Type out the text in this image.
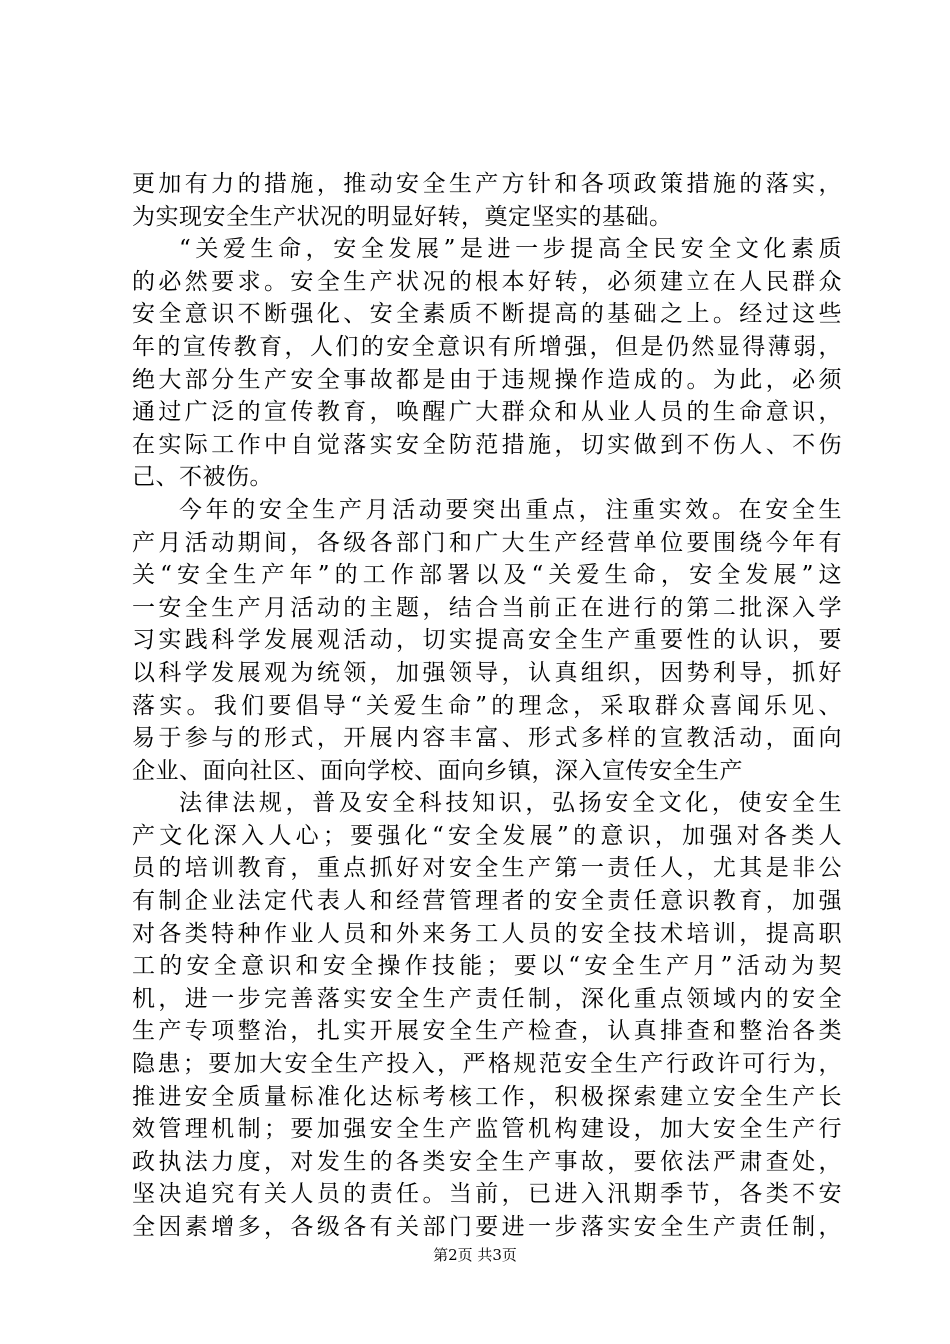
更加有力的措施，推动安全生产方针和各项政策措施的落实，
为实现安全生产状况的明显好转，奠定坚实的基础。
“关爱生命，安全发展”是进一步提高全民安全文化素质
的必然要求。安全生产状况的根本好转，必须建立在人民群众
安全意识不断强化、安全素质不断提高的基础之上。经过这些
年的宣传教育，人们的安全意识有所增强，但是仍然显得薄弱，
绝大部分生产安全事故都是由于违规操作造成的。为此，必须
通过广泛的宣传教育，唤醒广大群众和从业人员的生命意识，
在实际工作中自觉落实安全防范措施，切实做到不伤人、不伤
己、不被伤。
今年的安全生产月活动要突出重点，注重实效。在安全生
产月活动期间，各级各部门和广大生产经营单位要围绕今年有
关“安全生产年”的工作部署以及“关爱生命，安全发展”这
一安全生产月活动的主题，结合当前正在进行的第二批深入学
习实践科学发展观活动，切实提高安全生产重要性的认识，要
以科学发展观为统领，加强领导，认真组织，因势利导，抓好
落实。我们要倡导“关爱生命”的理念，采取群众喜闻乐见、
易于参与的形式，开展内容丰富、形式多样的宣教活动，面向
企业、面向社区、面向学校、面向乡镇，深入宣传安全生产
法律法规，普及安全科技知识，弘扬安全文化，使安全生
产文化深入人心；要强化“安全发展”的意识，加强对各类人
员的培训教育，重点抓好对安全生产第一责任人，尤其是非公
有制企业法定代表人和经营管理者的安全责任意识教育，加强
对各类特种作业人员和外来务工人员的安全技术培训，提高职
工的安全意识和安全操作技能；要以“安全生产月”活动为契
机，进一步完善落实安全生产责任制，深化重点领域内的安全
生产专项整治，扎实开展安全生产检查，认真排查和整治各类
隐患；要加大安全生产投入，严格规范安全生产行政许可行为，
推进安全质量标准化达标考核工作，积极探索建立安全生产长
效管理机制；要加强安全生产监管机构建设，加大安全生产行
政执法力度，对发生的各类安全生产事故，要依法严肃查处，
坚决追究有关人员的责任。当前，已进入汛期季节，各类不安
全因素增多，各级各有关部门要进一步落实安全生产责任制，
第2页 共3页
